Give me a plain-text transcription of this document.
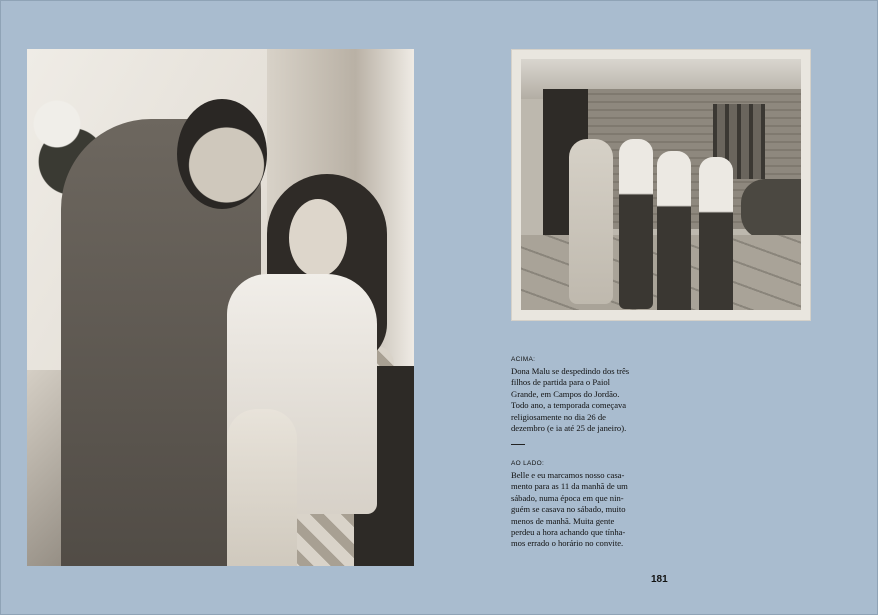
ACIMA:

Dona Malu se despedindo dos três

filhos de partida para o Paiol

Grande, em Campos do Jordão.

Todo ano, a temporada começava

religiosamente no dia 26 de

dezembro (e ia até 25 de janeiro).

AO LADO:

Belle e eu marcamos nosso casa-

mento para as 11 da manhã de um

sábado, numa época em que nin-

guém se casava no sábado, muito

menos de manhã. Muita gente

perdeu a hora achando que tínha-

mos errado o horário no convite.

181
